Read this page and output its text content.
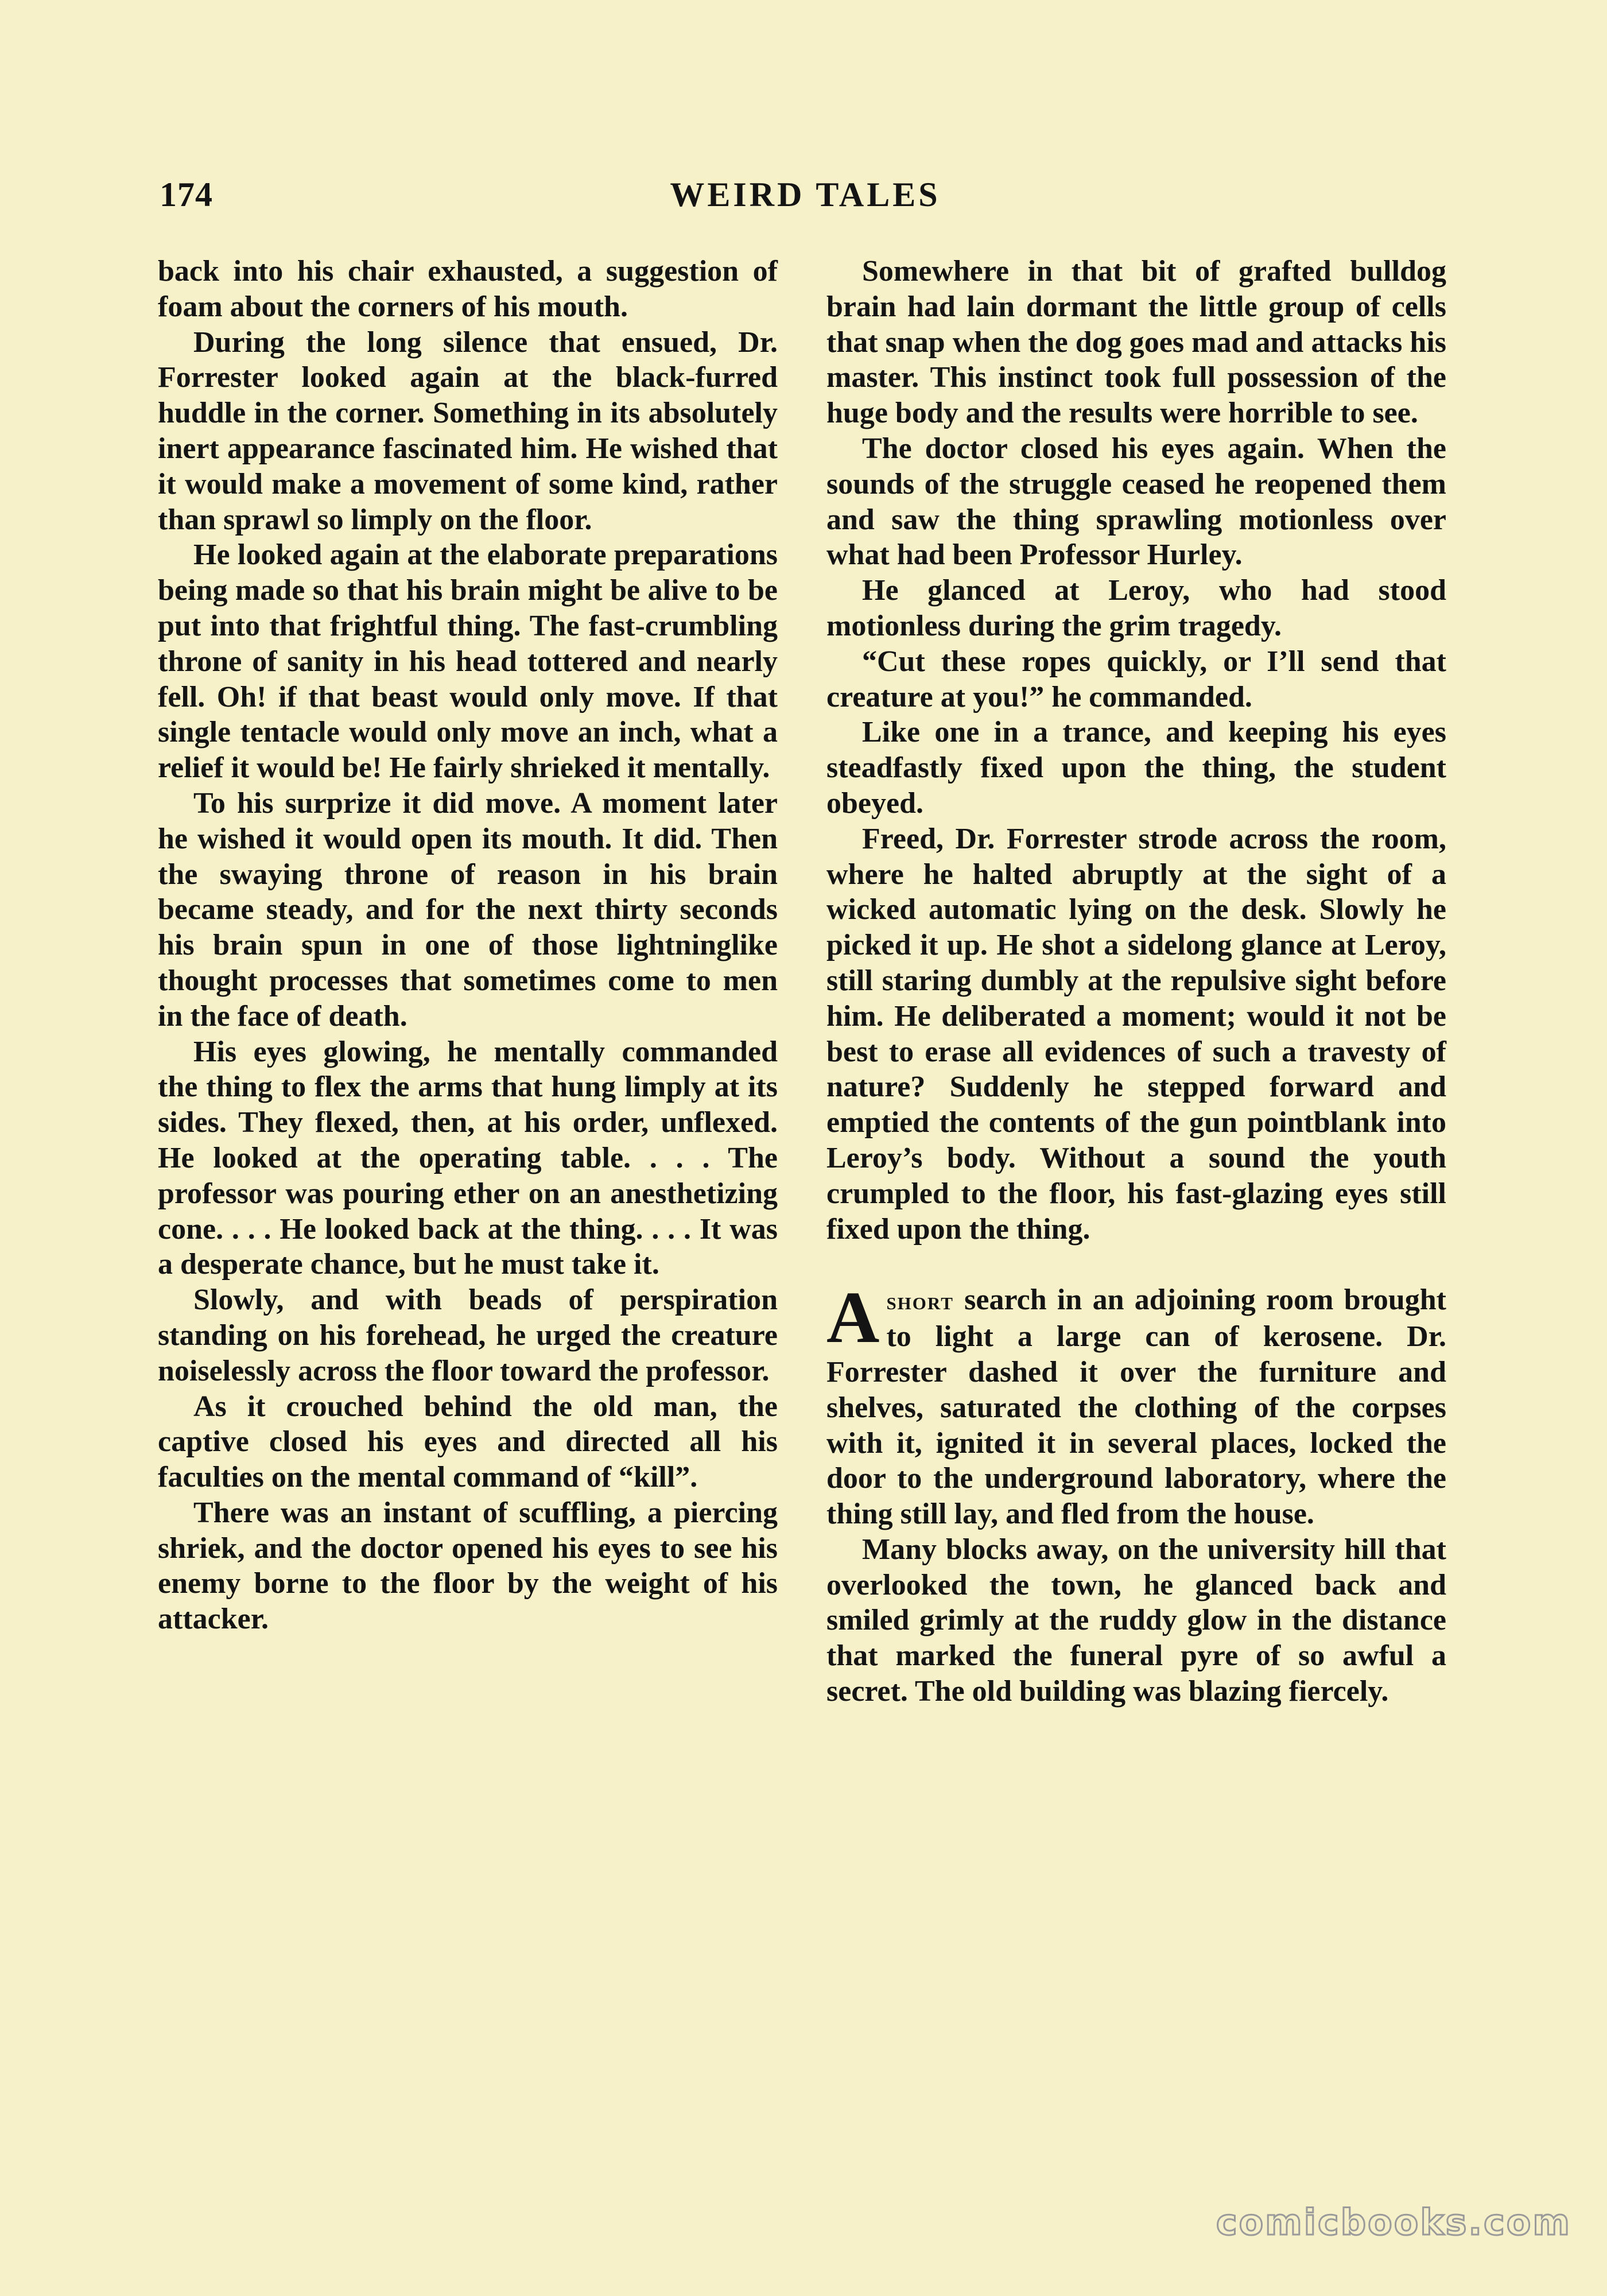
174	WEIRD TALES

back into his chair exhausted, a suggestion of foam about the corners of his mouth.

During the long silence that ensued, Dr. Forrester looked again at the black-furred huddle in the corner. Something in its absolutely inert appearance fascinated him. He wished that it would make a movement of some kind, rather than sprawl so limply on the floor.

He looked again at the elaborate preparations being made so that his brain might be alive to be put into that frightful thing. The fast-crumbling throne of sanity in his head tottered and nearly fell. Oh! if that beast would only move. If that single tentacle would only move an inch, what a relief it would be! He fairly shrieked it mentally.

To his surprize it did move. A moment later he wished it would open its mouth. It did. Then the swaying throne of reason in his brain became steady, and for the next thirty seconds his brain spun in one of those lightninglike thought processes that sometimes come to men in the face of death.

His eyes glowing, he mentally commanded the thing to flex the arms that hung limply at its sides. They flexed, then, at his order, unflexed. He looked at the operating table. . . . The professor was pouring ether on an anesthetizing cone. . . . He looked back at the thing. . . . It was a desperate chance, but he must take it.

Slowly, and with beads of perspiration standing on his forehead, he urged the creature noiselessly across the floor toward the professor.

As it crouched behind the old man, the captive closed his eyes and directed all his faculties on the mental command of “kill”.

There was an instant of scuffling, a piercing shriek, and the doctor opened his eyes to see his enemy borne to the floor by the weight of his attacker.

Somewhere in that bit of grafted bulldog brain had lain dormant the little group of cells that snap when the dog goes mad and attacks his master. This instinct took full possession of the huge body and the results were horrible to see.

The doctor closed his eyes again. When the sounds of the struggle ceased he reopened them and saw the thing sprawling motionless over what had been Professor Hurley.

He glanced at Leroy, who had stood motionless during the grim tragedy.

“Cut these ropes quickly, or I’ll send that creature at you!” he commanded.

Like one in a trance, and keeping his eyes steadfastly fixed upon the thing, the student obeyed.

Freed, Dr. Forrester strode across the room, where he halted abruptly at the sight of a wicked automatic lying on the desk. Slowly he picked it up. He shot a sidelong glance at Leroy, still staring dumbly at the repulsive sight before him. He deliberated a moment; would it not be best to erase all evidences of such a travesty of nature? Suddenly he stepped forward and emptied the contents of the gun pointblank into Leroy’s body. Without a sound the youth crumpled to the floor, his fast-glazing eyes still fixed upon the thing.

Ashort search in an adjoining room brought to light a large can of kerosene. Dr. Forrester dashed it over the furniture and shelves, saturated the clothing of the corpses with it, ignited it in several places, locked the door to the underground laboratory, where the thing still lay, and fled from the house.

Many blocks away, on the university hill that overlooked the town, he glanced back and smiled grimly at the ruddy glow in the distance that marked the funeral pyre of so awful a secret. The old building was blazing fiercely.

comicbooks.com
